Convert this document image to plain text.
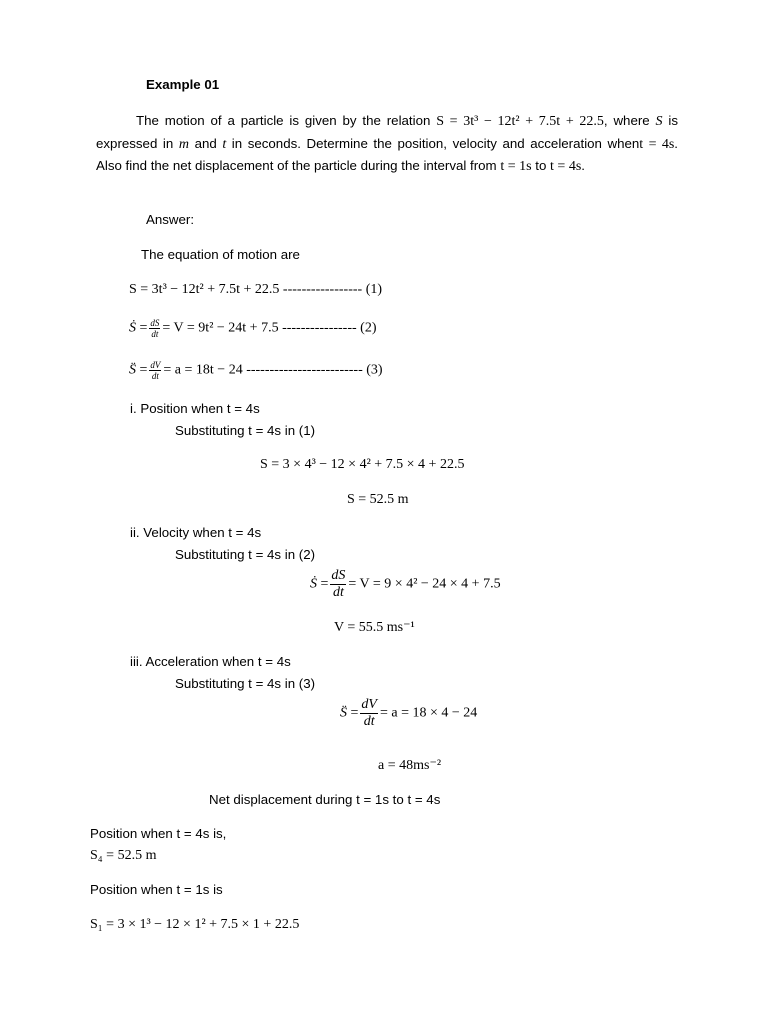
Example 01
The motion of a particle is given by the relation S = 3t³ − 12t² + 7.5t + 22.5, where S is expressed in m and t in seconds. Determine the position, velocity and acceleration whent = 4s. Also find the net displacement of the particle during the interval from t = 1s to t = 4s.
Answer:
The equation of motion are
S = 3t³ − 12t² + 7.5t + 22.5 ----------------- (1)
Ṡ = $\frac{dS}{dt} = V = 9t^2 - 24t + 7.5$ ---------------- (2)
S̈ = $\frac{dV}{dt} = a = 18t - 24$ ------------------------- (3)
i. Position when t = 4s
Substituting t = 4s in (1)
S = 3 × 4³ − 12 × 4² + 7.5 × 4 + 22.5
S = 52.5 m
ii. Velocity when t = 4s
Substituting t = 4s in (2)
Ṡ = $\frac{dS}{dt} = V = 9 \times 4^2 - 24 \times 4 + 7.5$
V = 55.5 ms⁻¹
iii. Acceleration when t = 4s
Substituting t = 4s in (3)
S̈ = $\frac{dV}{dt} = a = 18 \times 4 - 24$
a = 48ms⁻²
Net displacement during t = 1s to t = 4s
Position when t = 4s is,
S₄ = 52.5 m
Position when t = 1s is
S₁ = 3 × 1³ − 12 × 1² + 7.5 × 1 + 22.5
